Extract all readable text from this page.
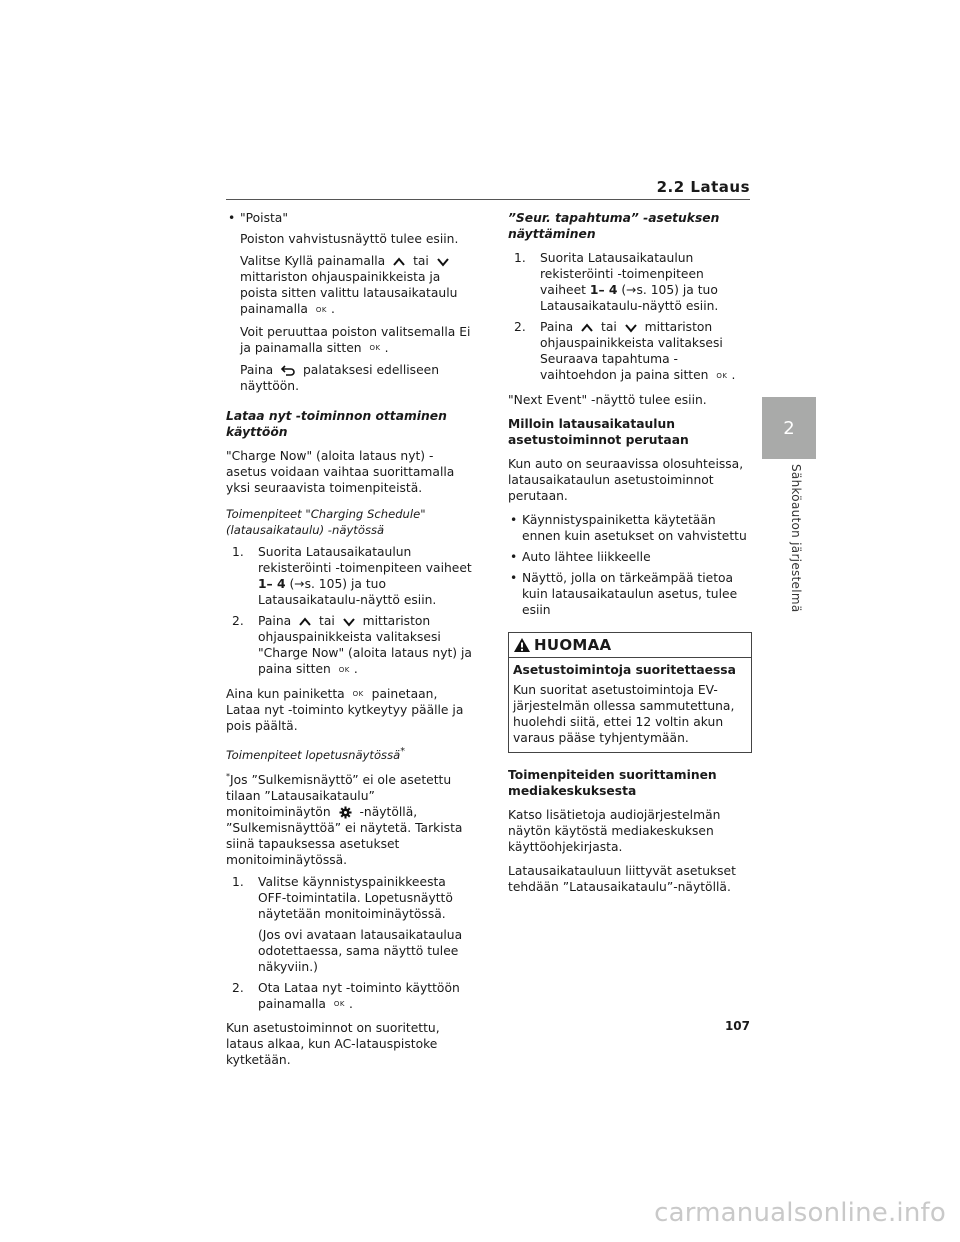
2.2 Lataus
2
Sähköauton järjestelmä
• "Poista"

Poiston vahvistusnäyttö tulee esiin.

Valitse Kyllä painamalla tai  mittariston ohjauspainikkeista ja poista sitten valittu latausaikataulu painamalla OK .

Voit peruuttaa poiston valitsemalla Ei ja painamalla sitten OK .

Paina palataksesi edelliseen näyttöön.

Lataa nyt -toiminnon ottaminen käyttöön

"Charge Now" (aloita lataus nyt) -asetus voidaan vaihtaa suorittamalla yksi seuraavista toimenpiteistä.

Toimenpiteet "Charging Schedule" (latausaikataulu) -näytössä

1. Suorita Latausaikataulun rekisteröinti -toimenpiteen vaiheet 1– 4 (→s. 105) ja tuo Latausaikataulu-näyttö esiin.
2. Paina tai mittariston ohjauspainikkeista valitaksesi "Charge Now" (aloita lataus nyt) ja paina sitten OK .

Aina kun painiketta OK painetaan, Lataa nyt -toiminto kytkeytyy päälle ja pois päältä.

Toimenpiteet lopetusnäytössä*

*Jos ”Sulkemisnäyttö” ei ole asetettu tilaan ”Latausaikataulu” monitoiminäytön -näytöllä, ”Sulkemisnäyttöä” ei näytetä. Tarkista siinä tapauksessa asetukset monitoiminäytössä.

1. Valitse käynnistyspainikkeesta OFF-toimintatila. Lopetusnäyttö näytetään monitoiminäytössä.
(Jos ovi avataan latausaikataulua odotettaessa, sama näyttö tulee näkyviin.)
2. Ota Lataa nyt -toiminto käyttöön painamalla OK .

Kun asetustoiminnot on suoritettu, lataus alkaa, kun AC-latauspistoke kytketään.

”Seur. tapahtuma” -asetuksen näyttäminen

1. Suorita Latausaikataulun rekisteröinti -toimenpiteen vaiheet 1– 4 (→s. 105) ja tuo Latausaikataulu-näyttö esiin.
2. Paina tai mittariston ohjauspainikkeista valitaksesi Seuraava tapahtuma -vaihtoehdon ja paina sitten OK .

"Next Event" -näyttö tulee esiin.

Milloin latausaikataulun asetustoiminnot perutaan

Kun auto on seuraavissa olosuhteissa, latausaikataulun asetustoiminnot perutaan.

• Käynnistyspainiketta käytetään ennen kuin asetukset on vahvistettu
• Auto lähtee liikkeelle
• Näyttö, jolla on tärkeämpää tietoa kuin latausaikataulun asetus, tulee esiin
HUOMAA
Asetustoimintoja suoritettaessa
Kun suoritat asetustoimintoja EV-järjestelmän ollessa sammutettuna, huolehdi siitä, ettei 12 voltin akun varaus pääse tyhjentymään.

Toimenpiteiden suorittaminen mediakeskuksesta

Katso lisätietoja audiojärjestelmän näytön käytöstä mediakeskuksen käyttöohjekirjasta.

Latausaikatauluun liittyvät asetukset tehdään ”Latausaikataulu”-näytöllä.

107
carmanualsonline.info
